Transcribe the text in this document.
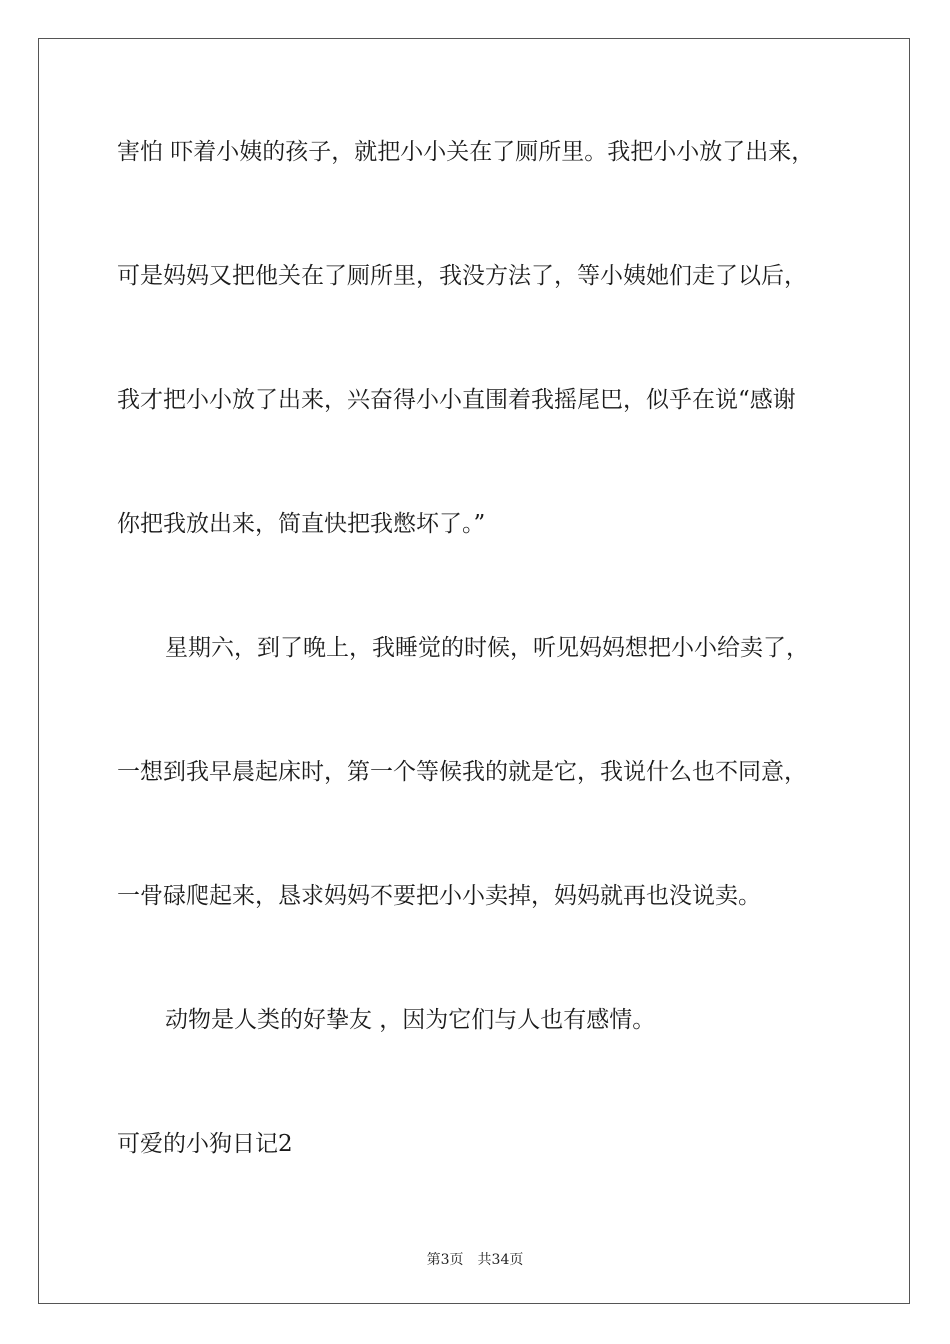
害怕 吓着小姨的孩子，就把小小关在了厕所里。我把小小放了出来，
可是妈妈又把他关在了厕所里，我没方法了，等小姨她们走了以后，
我才把小小放了出来，兴奋得小小直围着我摇尾巴，似乎在说“感谢
你把我放出来，简直快把我憋坏了。”
星期六，到了晚上，我睡觉的时候，听见妈妈想把小小给卖了，
一想到我早晨起床时，第一个等候我的就是它，我说什么也不同意，
一骨碌爬起来，恳求妈妈不要把小小卖掉，妈妈就再也没说卖。
动物是人类的好挚友 ，因为它们与人也有感情。
可爱的小狗日记2
第3页 共34页
